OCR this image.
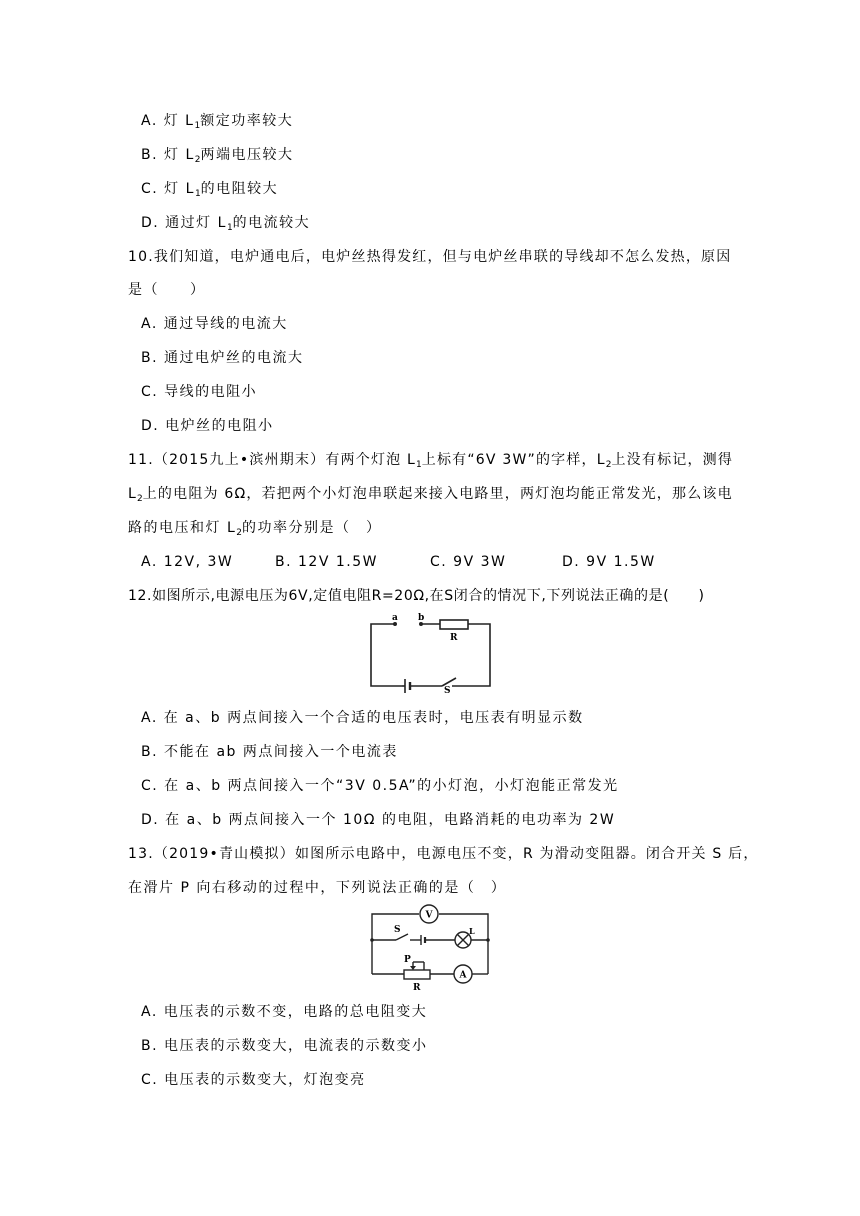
A. 灯 $L_1$额定功率较大
B. 灯 $L_2$两端电压较大
C. 灯 $L_1$的电阻较大
D. 通过灯 $L_1$的电流较大
10.我们知道，电炉通电后，电炉丝热得发红，但与电炉丝串联的导线却不怎么发热，原因
是（　　）
A. 通过导线的电流大
B. 通过电炉丝的电流大
C. 导线的电阻小
D. 电炉丝的电阻小
11.（2015九上•滨州期末）有两个灯泡 $L_1$上标有“6V 3W”的字样，$L_2$上没有标记，测得
$L_2$上的电阻为 6Ω，若把两个小灯泡串联起来接入电路里，两灯泡均能正常发光，那么该电
路的电压和灯 $L_2$的功率分别是（　）
A. 12V, 3W	B. 12V 1.5W	C. 9V 3W	D. 9V 1.5W
12.如图所示,电源电压为6V,定值电阻R=20Ω,在S闭合的情况下,下列说法正确的是(　　)
a b
R
S
A. 在 a、b 两点间接入一个合适的电压表时，电压表有明显示数
B. 不能在 ab 两点间接入一个电流表
C. 在 a、b 两点间接入一个“3V 0.5A”的小灯泡，小灯泡能正常发光
D. 在 a、b 两点间接入一个 10Ω 的电阻，电路消耗的电功率为 2W
13.（2019•青山模拟）如图所示电路中，电源电压不变，R 为滑动变阻器。闭合开关 S 后，
在滑片 P 向右移动的过程中，下列说法正确的是（　）
V
S	L
P
A
R
A. 电压表的示数不变，电路的总电阻变大
B. 电压表的示数变大，电流表的示数变小
C. 电压表的示数变大，灯泡变亮
